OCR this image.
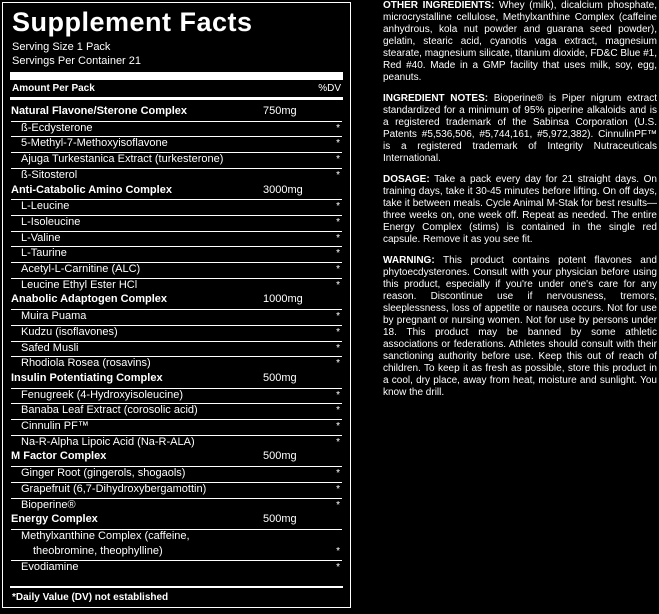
Supplement Facts
Serving Size 1 Pack
Servings Per Container 21
Amount Per Pack	%DV
Natural Flavone/Sterone Complex	750mg
ß-Ecdysterone	*
5-Methyl-7-Methoxyisoflavone	*
Ajuga Turkestanica Extract (turkesterone)	*
ß-Sitosterol	*
Anti-Catabolic Amino Complex	3000mg
L-Leucine	*
L-Isoleucine	*
L-Valine	*
L-Taurine	*
Acetyl-L-Carnitine (ALC)	*
Leucine Ethyl Ester HCl	*
Anabolic Adaptogen Complex	1000mg
Muira Puama	*
Kudzu (isoflavones)	*
Safed Musli	*
Rhodiola Rosea (rosavins)	*
Insulin Potentiating Complex	500mg
Fenugreek (4-Hydroxyisoleucine)	*
Banaba Leaf Extract (corosolic acid)	*
Cinnulin PF™	*
Na-R-Alpha Lipoic Acid (Na-R-ALA)	*
M Factor Complex	500mg
Ginger Root (gingerols, shogaols)	*
Grapefruit (6,7-Dihydroxybergamottin)	*
Bioperine®	*
Energy Complex	500mg
Methylxanthine Complex (caffeine,
theobromine, theophylline)	*
Evodiamine	*
*Daily Value (DV) not established

OTHER INGREDIENTS: Whey (milk), dicalcium phosphate, microcrystalline cellulose, Methylxanthine Complex (caffeine anhydrous, kola nut powder and guarana seed powder), gelatin, stearic acid, cyanotis vaga extract, magnesium stearate, magnesium silicate, titanium dioxide, FD&C Blue #1, Red #40. Made in a GMP facility that uses milk, soy, egg, peanuts.

INGREDIENT NOTES: Bioperine® is Piper nigrum extract standardized for a minimum of 95% piperine alkaloids and is a registered trademark of the Sabinsa Corporation (U.S. Patents #5,536,506, #5,744,161, #5,972,382). CinnulinPF™ is a registered trademark of Integrity Nutraceuticals International.

DOSAGE: Take a pack every day for 21 straight days. On training days, take it 30-45 minutes before lifting. On off days, take it between meals. Cycle Animal M-Stak for best results—three weeks on, one week off. Repeat as needed. The entire Energy Complex (stims) is contained in the single red capsule. Remove it as you see fit.

WARNING: This product contains potent flavones and phytoecdysterones. Consult with your physician before using this product, especially if you're under one's care for any reason. Discontinue use if nervousness, tremors, sleeplessness, loss of appetite or nausea occurs. Not for use by pregnant or nursing women. Not for use by persons under 18. This product may be banned by some athletic associations or federations. Athletes should consult with their sanctioning authority before use. Keep this out of reach of children. To keep it as fresh as possible, store this product in a cool, dry place, away from heat, moisture and sunlight. You know the drill.
